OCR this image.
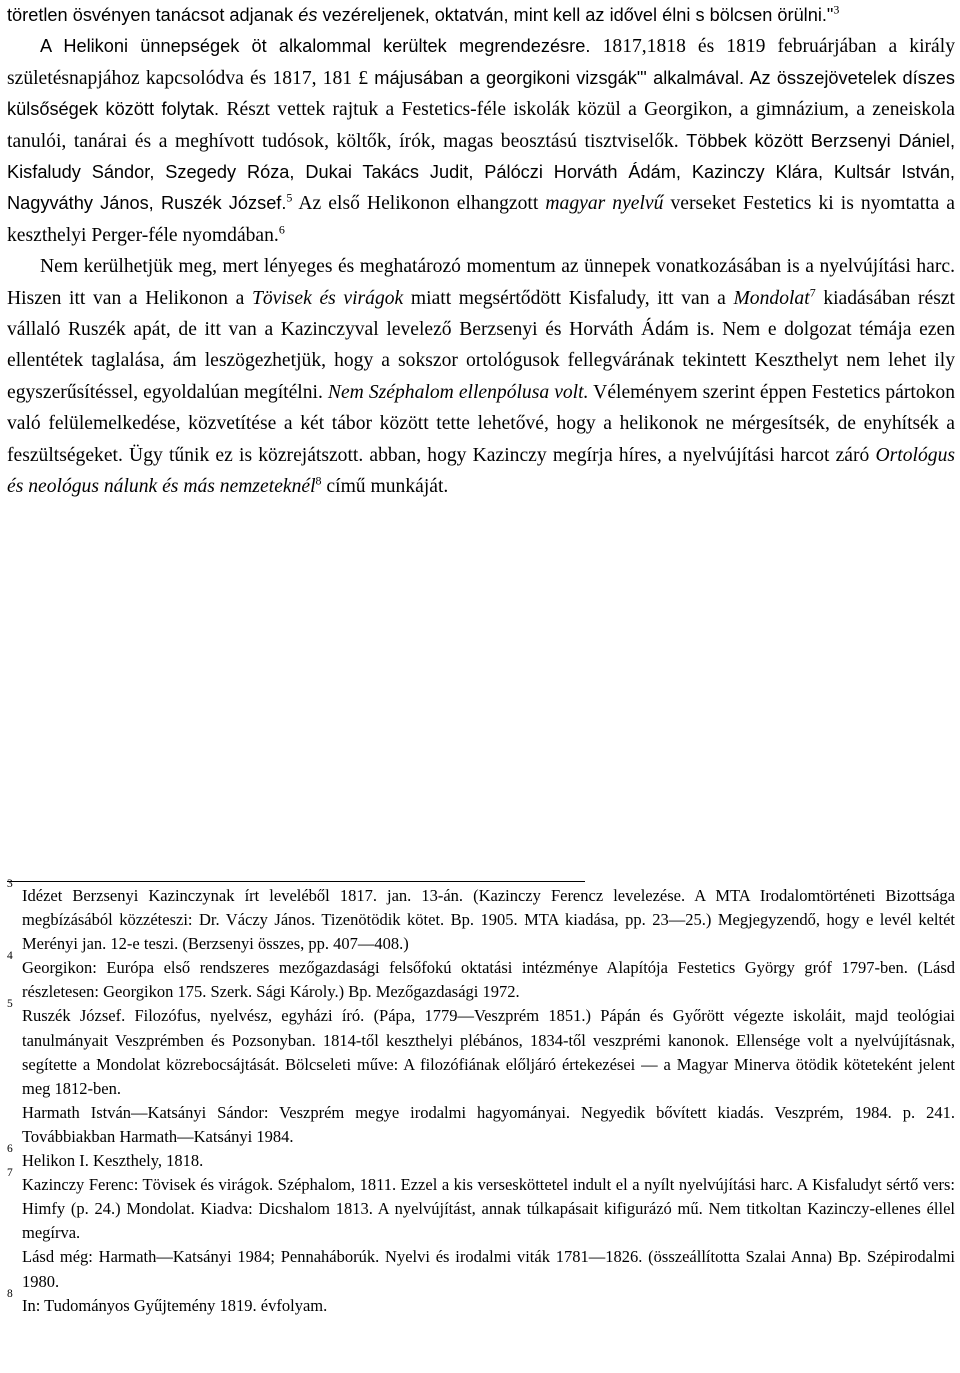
töretlen ösvényen tanácsot adjanak és vezéreljenek, oktatván, mint kell az idővel élni s bölcsen örülni."$^3$

A Helikoni ünnepségek öt alkalommal kerültek megrendezésre. 1817,1818 és 1819 februárjában a király születésnapjához kapcsolódva és 1817, 181 £ májusában a georgikoni vizsgák"' alkalmával. Az összejövetelek díszes külsőségek között folytak. Részt vettek rajtuk a Festetics-féle iskolák közül a Georgikon, a gimnázium, a zeneiskola tanulói, tanárai és a meghívott tudósok, költők, írók, magas beosztású tisztviselők. Többek között Berzsenyi Dániel, Kisfaludy Sándor, Szegedy Róza, Dukai Takács Judit, Pálóczi Horváth Ádám, Kazinczy Klára, Kultsár István, Nagyváthy János, Ruszék József.$^5$ Az első Helikonon elhangzott magyar nyelvű verseket Festetics ki is nyomtatta a keszthelyi Perger-féle nyomdában.$^6$

Nem kerülhetjük meg, mert lényeges és meghatározó momentum az ünnepek vonatkozásában is a nyelvújítási harc. Hiszen itt van a Helikonon a Tövisek és virágok miatt megsértődött Kisfaludy, itt van a Mondolat$^7$ kiadásában részt vállaló Ruszék apát, de itt van a Kazinczyval levelező Berzsenyi és Horváth Ádám is. Nem e dolgozat témája ezen ellentétek taglalása, ám leszögezhetjük, hogy a sokszor ortológusok fellegvárának tekintett Keszthelyt nem lehet ily egyszerűsítéssel, egyoldalúan megítélni. Nem Széphalom ellenpólusa volt. Véleményem szerint éppen Festetics pártokon való felülemelkedése, közvetítése a két tábor között tette lehetővé, hogy a helikonok ne mérgesítsék, de enyhítsék a feszültségeket. Ügy tűnik ez is közrejátszott. abban, hogy Kazinczy megírja híres, a nyelvújítási harcot záró Ortológus és neológus nálunk és más nemzeteknél$^8$ című munkáját.

3

Idézet Berzsenyi Kazinczynak írt leveléből 1817. jan. 13-án. (Kazinczy Ferencz levelezése. A MTA Irodalomtörténeti Bizottsága megbízásából közzéteszi: Dr. Váczy János. Tizenötödik kötet. Bp. 1905. MTA kiadása, pp. 23—25.) Megjegyzendő, hogy e levél keltét Merényi jan. 12-e teszi. (Berzsenyi összes, pp. 407—408.)

4

Georgikon: Európa első rendszeres mezőgazdasági felsőfokú oktatási intézménye Alapítója Festetics György gróf 1797-ben. (Lásd részletesen: Georgikon 175. Szerk. Sági Károly.) Bp. Mezőgazdasági 1972.

5

Ruszék József. Filozófus, nyelvész, egyházi író. (Pápa, 1779—Veszprém 1851.) Pápán és Győrött végezte iskoláit, majd teológiai tanulmányait Veszprémben és Pozsonyban. 1814-től keszthelyi plébános, 1834-től veszprémi kanonok. Ellensége volt a nyelvújításnak, segítette a Mondolat közrebocsájtását. Bölcseleti műve: A filozófiának előljáró értekezései — a Magyar Minerva ötödik köteteként jelent meg 1812-ben.

Harmath István—Katsányi Sándor: Veszprém megye irodalmi hagyományai. Negyedik bővített kiadás. Veszprém, 1984. p. 241. Továbbiakban Harmath—Katsányi 1984.

6

Helikon I. Keszthely, 1818.

7

Kazinczy Ferenc: Tövisek és virágok. Széphalom, 1811. Ezzel a kis versesköttetel indult el a nyílt nyelvújítási harc. A Kisfaludyt sértő vers: Himfy (p. 24.) Mondolat. Kiadva: Dicshalom 1813. A nyelvújítást, annak túlkapásait kifigurázó mű. Nem titkoltan Kazinczy-ellenes éllel megírva.

Lásd még: Harmath—Katsányi 1984; Pennaháborúk. Nyelvi és irodalmi viták 1781—1826. (összeállította Szalai Anna) Bp. Szépirodalmi 1980.

8

In: Tudományos Gyűjtemény 1819. évfolyam.
